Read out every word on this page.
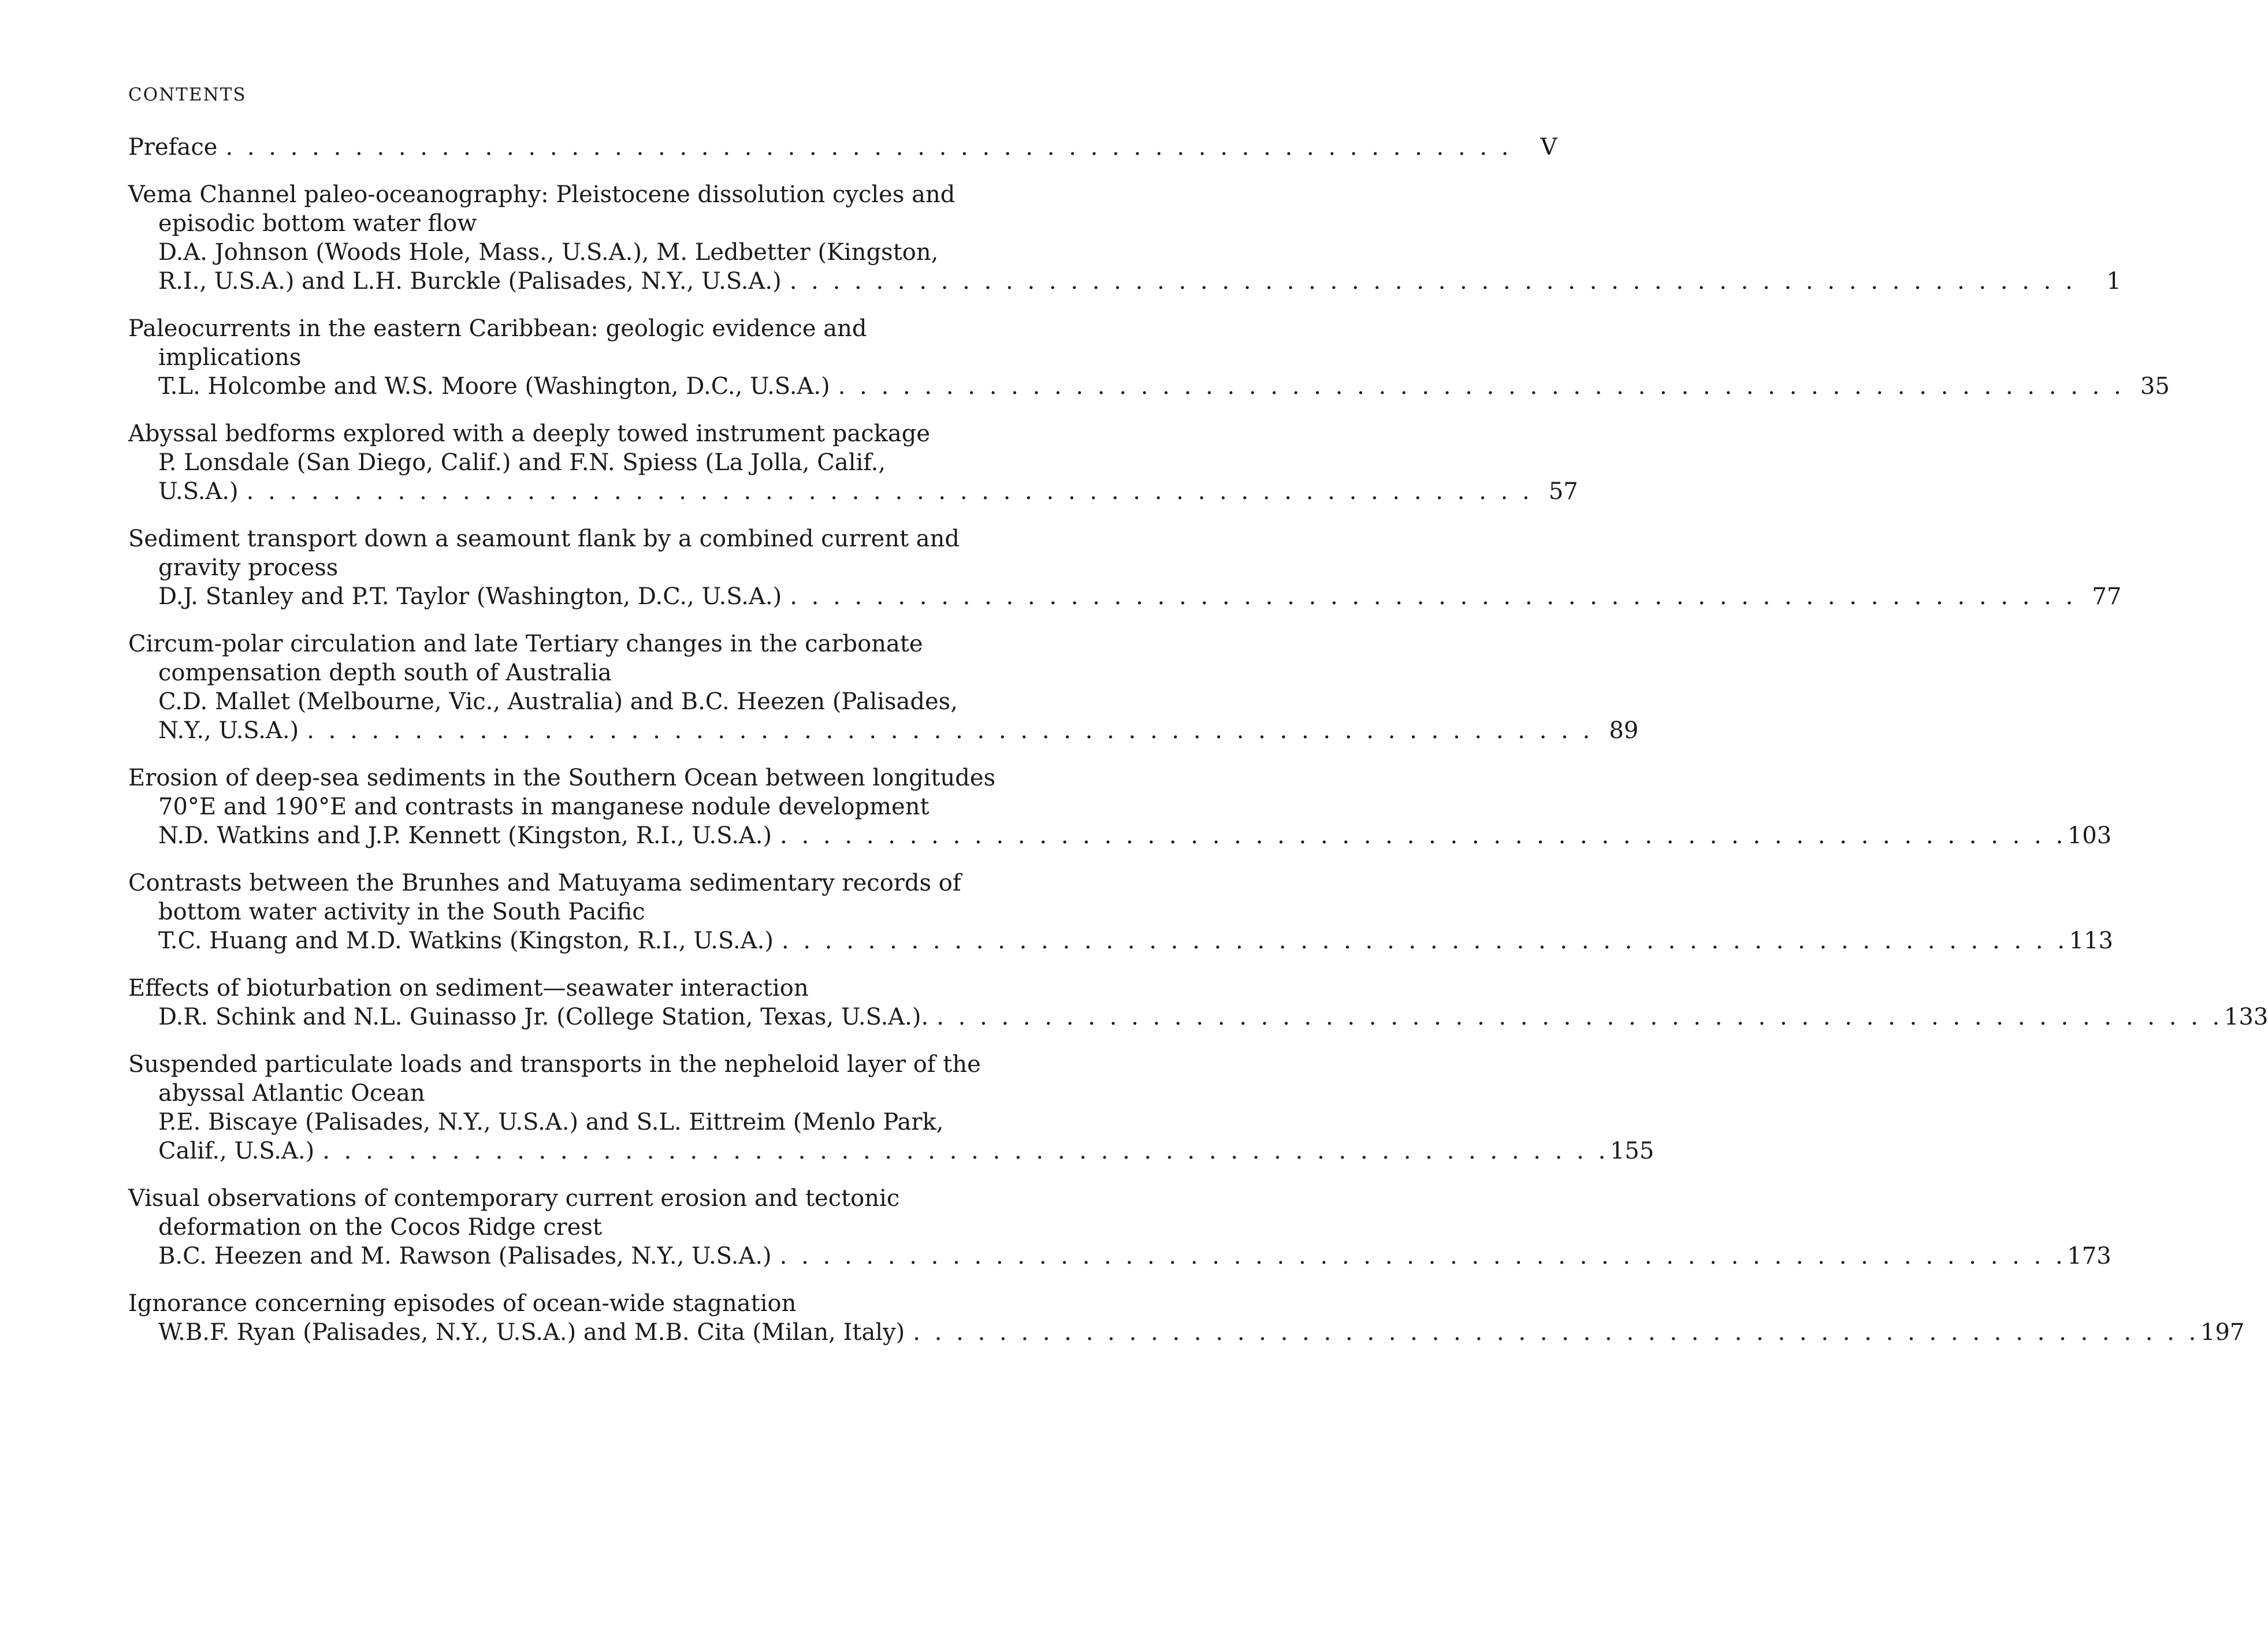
CONTENTS
Preface . . . . . . . . . . . . . . . . . . . . . . . . . . . . . . . . . . . . . . . . . . . . . . . . . . . . . . . . . . . .	V
Vema Channel paleo-oceanography: Pleistocene dissolution cycles and
episodic bottom water flow
D.A. Johnson (Woods Hole, Mass., U.S.A.), M. Ledbetter (Kingston,
R.I., U.S.A.) and L.H. Burckle (Palisades, N.Y., U.S.A.) . . . . . . . . . . . . . . . . . . . . . . . . . . . . . . . . . . . . . . . . . . . . . . . . . . . . . . . . . . . .	1
Paleocurrents in the eastern Caribbean: geologic evidence and
implications
T.L. Holcombe and W.S. Moore (Washington, D.C., U.S.A.) . . . . . . . . . . . . . . . . . . . . . . . . . . . . . . . . . . . . . . . . . . . . . . . . . . . . . . . . . . . . 35
Abyssal bedforms explored with a deeply towed instrument package
P. Lonsdale (San Diego, Calif.) and F.N. Spiess (La Jolla, Calif.,
U.S.A.) . . . . . . . . . . . . . . . . . . . . . . . . . . . . . . . . . . . . . . . . . . . . . . . . . . . . . . . . . . . . 57
Sediment transport down a seamount flank by a combined current and
gravity process
D.J. Stanley and P.T. Taylor (Washington, D.C., U.S.A.) . . . . . . . . . . . . . . . . . . . . . . . . . . . . . . . . . . . . . . . . . . . . . . . . . . . . . . . . . . . . 77
Circum-polar circulation and late Tertiary changes in the carbonate
compensation depth south of Australia
C.D. Mallet (Melbourne, Vic., Australia) and B.C. Heezen (Palisades,
N.Y., U.S.A.) . . . . . . . . . . . . . . . . . . . . . . . . . . . . . . . . . . . . . . . . . . . . . . . . . . . . . . . . . . . . 89
Erosion of deep-sea sediments in the Southern Ocean between longitudes
70°E and 190°E and contrasts in manganese nodule development
N.D. Watkins and J.P. Kennett (Kingston, R.I., U.S.A.) . . . . . . . . . . . . . . . . . . . . . . . . . . . . . . . . . . . . . . . . . . . . . . . . . . . . . . . . . . . . 103
Contrasts between the Brunhes and Matuyama sedimentary records of
bottom water activity in the South Pacific
T.C. Huang and M.D. Watkins (Kingston, R.I., U.S.A.) . . . . . . . . . . . . . . . . . . . . . . . . . . . . . . . . . . . . . . . . . . . . . . . . . . . . . . . . . . . . 113
Effects of bioturbation on sediment—seawater interaction
D.R. Schink and N.L. Guinasso Jr. (College Station, Texas, U.S.A.). . . . . . . . . . . . . . . . . . . . . . . . . . . . . . . . . . . . . . . . . . . . . . . . . . . . . . . . . . . . . 133
Suspended particulate loads and transports in the nepheloid layer of the
abyssal Atlantic Ocean
P.E. Biscaye (Palisades, N.Y., U.S.A.) and S.L. Eittreim (Menlo Park,
Calif., U.S.A.) . . . . . . . . . . . . . . . . . . . . . . . . . . . . . . . . . . . . . . . . . . . . . . . . . . . . . . . . . . . . 155
Visual observations of contemporary current erosion and tectonic
deformation on the Cocos Ridge crest
B.C. Heezen and M. Rawson (Palisades, N.Y., U.S.A.) . . . . . . . . . . . . . . . . . . . . . . . . . . . . . . . . . . . . . . . . . . . . . . . . . . . . . . . . . . . . 173
Ignorance concerning episodes of ocean-wide stagnation
W.B.F. Ryan (Palisades, N.Y., U.S.A.) and M.B. Cita (Milan, Italy) . . . . . . . . . . . . . . . . . . . . . . . . . . . . . . . . . . . . . . . . . . . . . . . . . . . . . . . . . . . . 197
